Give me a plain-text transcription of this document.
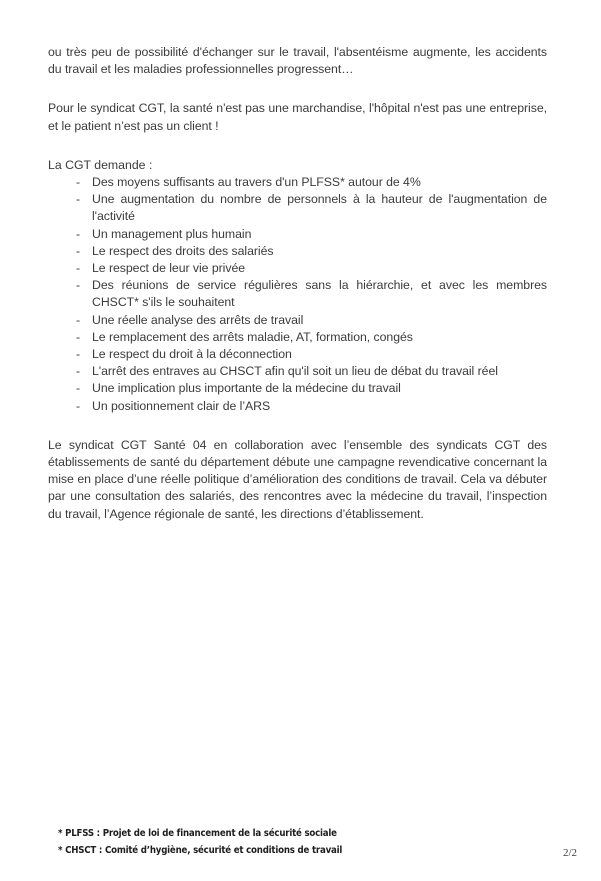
ou très peu de possibilité d'échanger sur le travail, l'absentéisme augmente, les accidents du travail et les maladies professionnelles progressent…

Pour le syndicat CGT, la santé n'est pas une marchandise, l'hôpital n'est pas une entreprise, et le patient n’est pas un client !

La CGT demande :

- Des moyens suffisants au travers d'un PLFSS* autour de 4%
- Une augmentation du nombre de personnels à la hauteur de l'augmentation de l'activité
- Un management plus humain
- Le respect des droits des salariés
- Le respect de leur vie privée
- Des réunions de service régulières sans la hiérarchie, et avec les membres CHSCT* s'ils le souhaitent
- Une réelle analyse des arrêts de travail
- Le remplacement des arrêts maladie, AT, formation, congés
- Le respect du droit à la déconnection
- L'arrêt des entraves au CHSCT afin qu'il soit un lieu de débat du travail réel
- Une implication plus importante de la médecine du travail
- Un positionnement clair de l’ARS

Le syndicat CGT Santé 04 en collaboration avec l’ensemble des syndicats CGT des établissements de santé du département débute une campagne revendicative concernant la mise en place d’une réelle politique d’amélioration des conditions de travail. Cela va débuter par une consultation des salariés, des rencontres avec la médecine du travail, l’inspection du travail, l’Agence régionale de santé, les directions d’établissement.

* PLFSS : Projet de loi de financement de la sécurité sociale
* CHSCT : Comité d’hygiène, sécurité et conditions de travail	2/2
